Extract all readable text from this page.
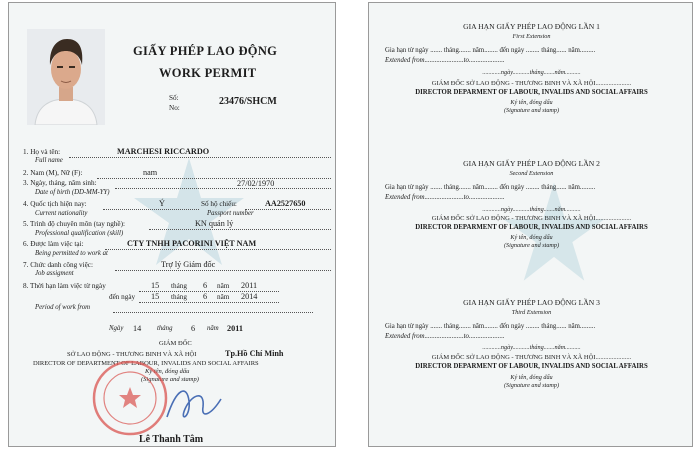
GIẤY PHÉP LAO ĐỘNG
WORK PERMIT
Số:
No:
23476/SHCM
1. Họ và tên:	MARCHESI RICCARDO
Full name
2. Nam (M), Nữ (F):	nam
3. Ngày, tháng, năm sinh:	27/02/1970
Date of birth (DD-MM-YY)
4. Quốc tịch hiện nay:	Ý	Số hộ chiếu:	AA2527650
Current nationality	Passport number
5. Trình độ chuyên môn (tay nghề):	KN quản lý
Professional qualification (skill)
6. Được làm việc tại:	CTY TNHH PACORINI VIỆT NAM
Being permitted to work at
7. Chức danh công việc:	Trợ lý Giám đốc
Job assigment
8. Thời hạn làm việc từ ngày	15 tháng 6 năm 2011
đến ngày 15 tháng 6 năm 2014
Period of work from
Ngày 14 tháng 6 năm 2011
GIÁM ĐỐC
SỞ LAO ĐỘNG - THƯƠNG BINH VÀ XÃ HỘI	Tp.Hồ Chí Minh
DIRECTOR OF DEPARTMENT OF LABOUR, INVALIDS AND SOCIAL AFFAIRS
Ký tên, đóng dấu
(Signature and stamp)
Lê Thanh Tâm
GIA HẠN GIẤY PHÉP LAO ĐỘNG LẦN 1
First Extension
Gia hạn từ ngày ....... tháng....... năm........ đến ngày ........ tháng...... năm.........
Extended from.......................to.....................
............ngày...........tháng.......năm..........
GIÁM ĐỐC SỞ LAO ĐỘNG - THƯƠNG BINH VÀ XÃ HỘI......................
DIRECTOR DEPARMENT OF LABOUR, INVALIDS AND SOCIAL AFFAIRS
Ký tên, đóng dấu
(Signature and stamp)
GIA HẠN GIẤY PHÉP LAO ĐỘNG LẦN 2
Second Extension
Gia hạn từ ngày ....... tháng....... năm........ đến ngày ........ tháng...... năm.........
Extended from.......................to.....................
............ngày...........tháng.......năm..........
GIÁM ĐỐC SỞ LAO ĐỘNG - THƯƠNG BINH VÀ XÃ HỘI......................
DIRECTOR DEPARMENT OF LABOUR, INVALIDS AND SOCIAL AFFAIRS
Ký tên, đóng dấu
(Signature and stamp)
GIA HẠN GIẤY PHÉP LAO ĐỘNG LẦN 3
Third Extension
Gia hạn từ ngày ....... tháng....... năm........ đến ngày ........ tháng...... năm.........
Extended from.......................to.....................
............ngày...........tháng.......năm..........
GIÁM ĐỐC SỞ LAO ĐỘNG - THƯƠNG BINH VÀ XÃ HỘI......................
DIRECTOR DEPARMENT OF LABOUR, INVALIDS AND SOCIAL AFFAIRS
Ký tên, đóng dấu
(Signature and stamp)
